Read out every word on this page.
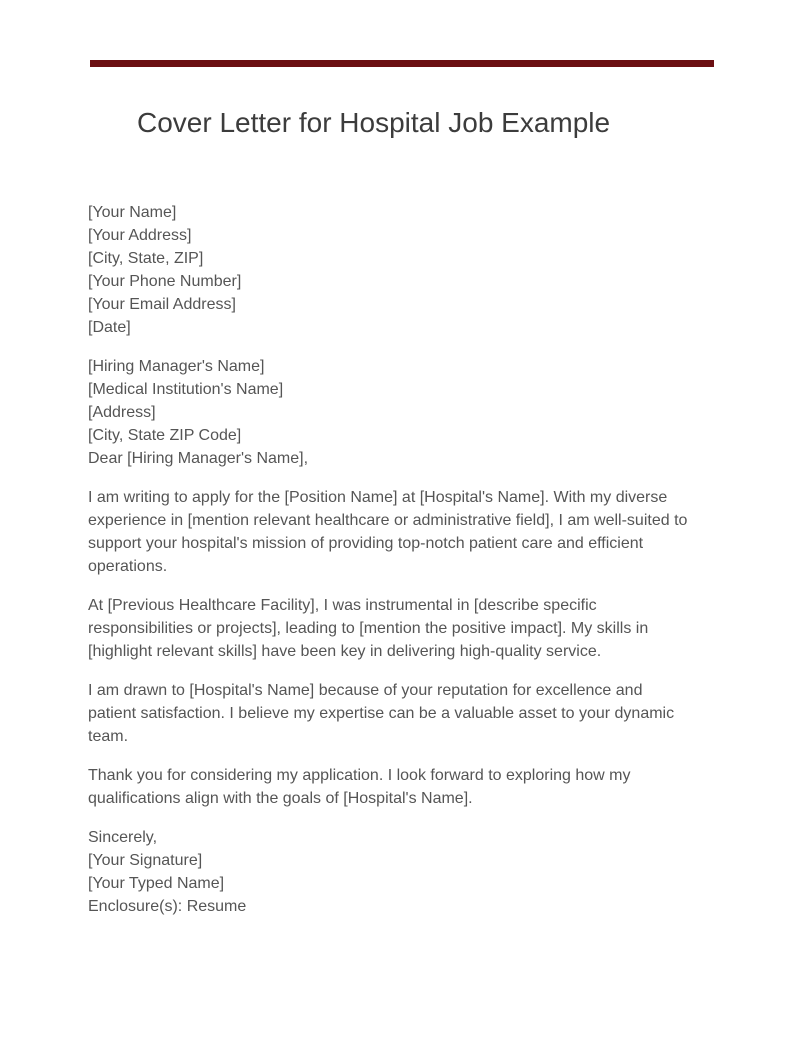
Cover Letter for Hospital Job Example
[Your Name]
[Your Address]
[City, State, ZIP]
[Your Phone Number]
[Your Email Address]
[Date]
[Hiring Manager's Name]
[Medical Institution's Name]
[Address]
[City, State ZIP Code]
Dear [Hiring Manager's Name],

I am writing to apply for the [Position Name] at [Hospital's Name]. With my diverse experience in [mention relevant healthcare or administrative field], I am well-suited to support your hospital's mission of providing top-notch patient care and efficient operations.

At [Previous Healthcare Facility], I was instrumental in [describe specific responsibilities or projects], leading to [mention the positive impact]. My skills in [highlight relevant skills] have been key in delivering high-quality service.

I am drawn to [Hospital's Name] because of your reputation for excellence and patient satisfaction. I believe my expertise can be a valuable asset to your dynamic team.

Thank you for considering my application. I look forward to exploring how my qualifications align with the goals of [Hospital's Name].

Sincerely,
[Your Signature]
[Your Typed Name]
Enclosure(s): Resume
